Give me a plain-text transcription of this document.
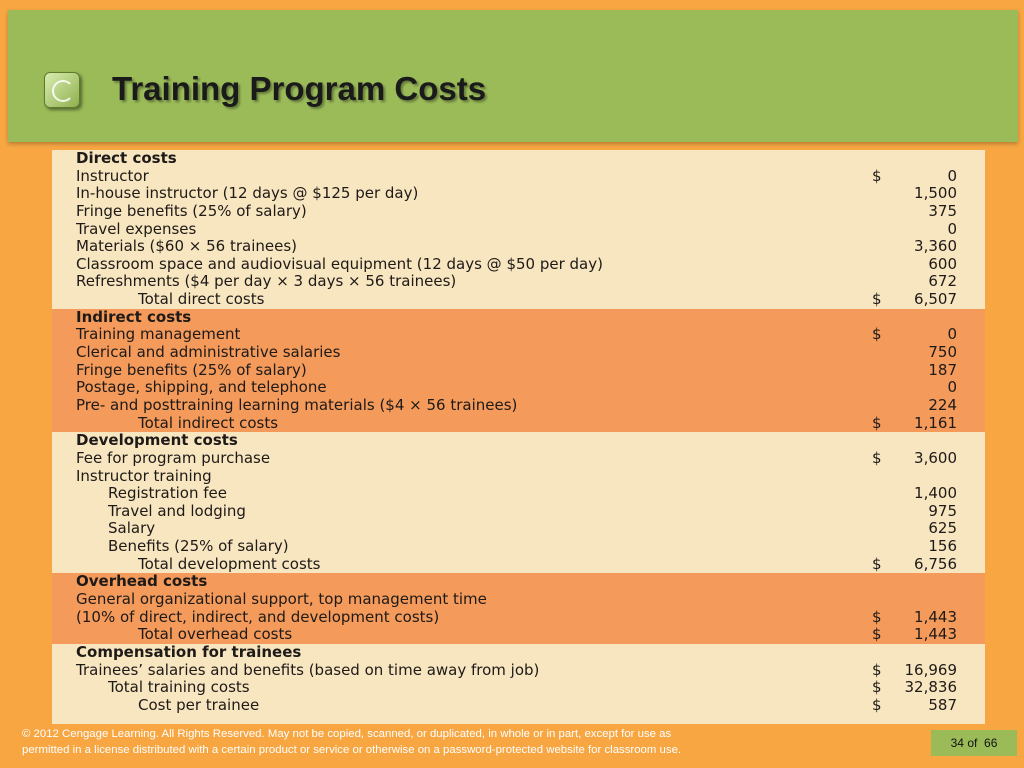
Training Program Costs
Direct costs
Instructor	$	0
In-house instructor (12 days @ $125 per day)	1,500
Fringe benefits (25% of salary)	375
Travel expenses	0
Materials ($60 × 56 trainees)	3,360
Classroom space and audiovisual equipment (12 days @ $50 per day)	600
Refreshments ($4 per day × 3 days × 56 trainees)	672
Total direct costs	$ 6,507
Indirect costs
Training management	$	0
Clerical and administrative salaries	750
Fringe benefits (25% of salary)	187
Postage, shipping, and telephone	0
Pre- and posttraining learning materials ($4 × 56 trainees)	224
Total indirect costs	$ 1,161
Development costs
Fee for program purchase	$ 3,600
Instructor training
Registration fee	1,400
Travel and lodging	975
Salary	625
Benefits (25% of salary)	156
Total development costs	$ 6,756
Overhead costs
General organizational support, top management time
(10% of direct, indirect, and development costs)	$ 1,443
Total overhead costs	$ 1,443
Compensation for trainees
Trainees’ salaries and benefits (based on time away from job)	$ 16,969
Total training costs	$ 32,836
Cost per trainee	$	587
© 2012 Cengage Learning. All Rights Reserved. May not be copied, scanned, or duplicated, in whole or in part, except for use as
permitted in a license distributed with a certain product or service or otherwise on a password-protected website for classroom use.	34 of 66
